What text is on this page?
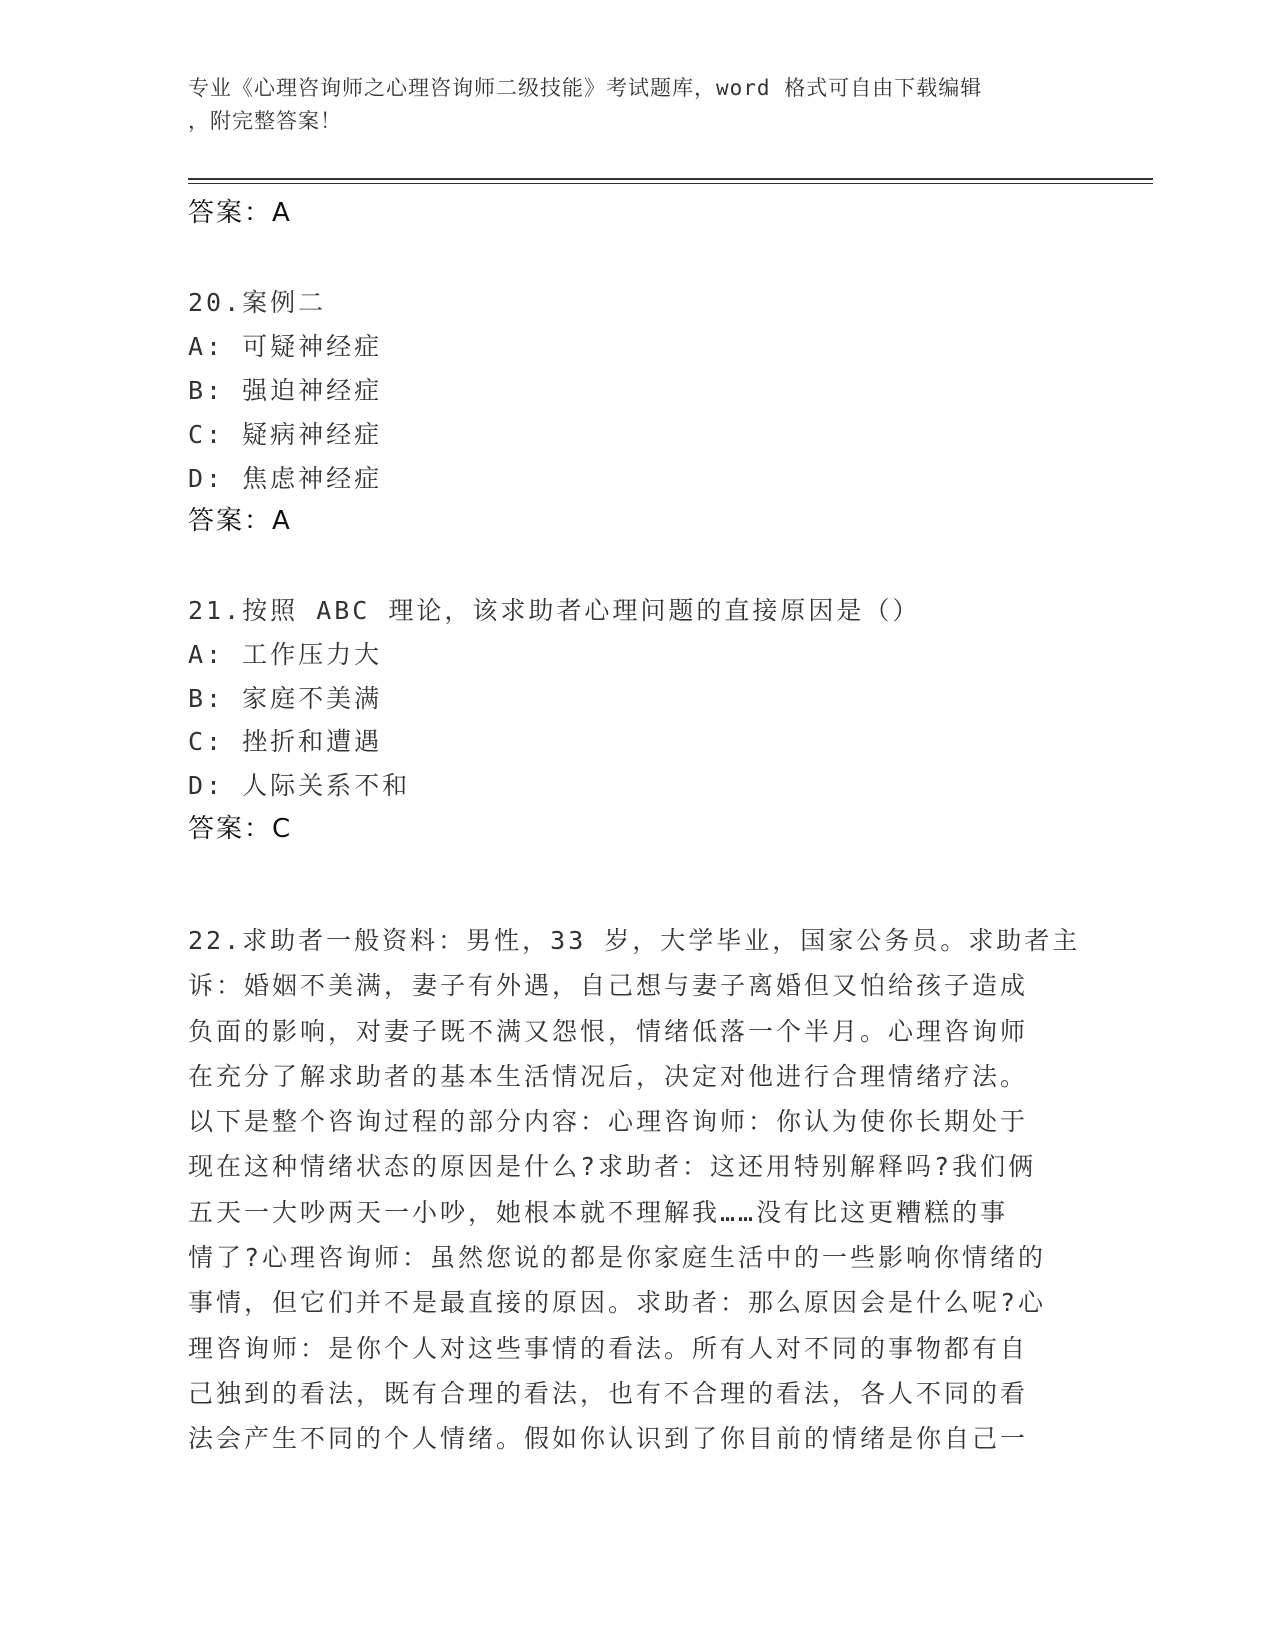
专业《心理咨询师之心理咨询师二级技能》考试题库，word 格式可自由下载编辑
，附完整答案！
答案：A
20.案例二
A: 可疑神经症
B: 强迫神经症
C: 疑病神经症
D: 焦虑神经症
答案：A
21.按照 ABC 理论，该求助者心理问题的直接原因是（）
A: 工作压力大
B: 家庭不美满
C: 挫折和遭遇
D: 人际关系不和
答案：C
22.求助者一般资料：男性，33 岁，大学毕业，国家公务员。求助者主
诉：婚姻不美满，妻子有外遇，自己想与妻子离婚但又怕给孩子造成
负面的影响，对妻子既不满又怨恨，情绪低落一个半月。心理咨询师
在充分了解求助者的基本生活情况后，决定对他进行合理情绪疗法。
以下是整个咨询过程的部分内容：心理咨询师：你认为使你长期处于
现在这种情绪状态的原因是什么?求助者：这还用特别解释吗?我们俩
五天一大吵两天一小吵，她根本就不理解我……没有比这更糟糕的事
情了?心理咨询师：虽然您说的都是你家庭生活中的一些影响你情绪的
事情，但它们并不是最直接的原因。求助者：那么原因会是什么呢?心
理咨询师：是你个人对这些事情的看法。所有人对不同的事物都有自
己独到的看法，既有合理的看法，也有不合理的看法，各人不同的看
法会产生不同的个人情绪。假如你认识到了你目前的情绪是你自己一
